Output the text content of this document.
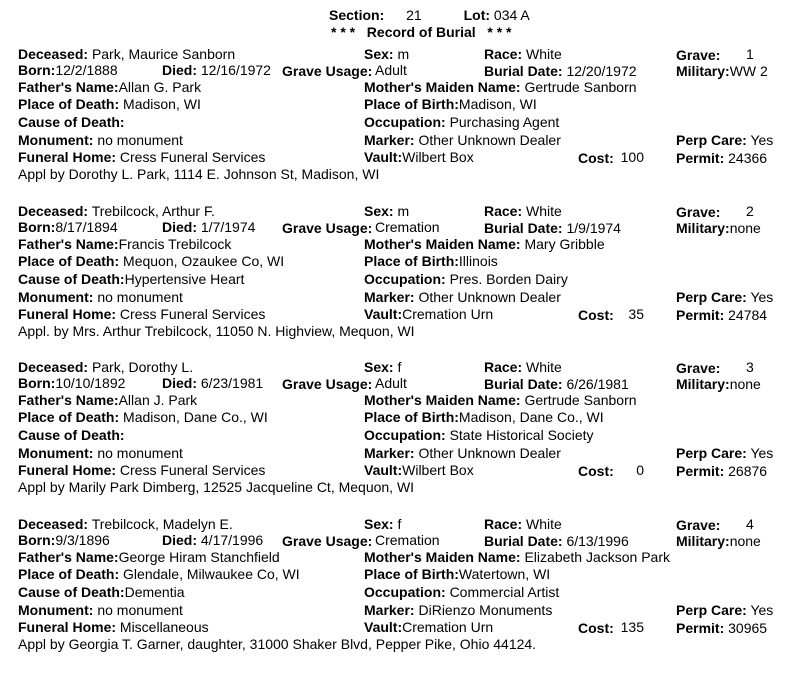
Section: 21	Lot: 034 A
* * *   Record of Burial   * * *
Deceased: Park, Maurice Sanborn	Sex: m	Race: White	Grave: 1
Born:12/2/1888	Died: 12/16/1972 Grave Usage: Adult	Burial Date: 12/20/1972	Military:WW 2
Father's Name:Allan G. Park	Mother's Maiden Name: Gertrude Sanborn
Place of Death: Madison, WI	Place of Birth:Madison, WI
Cause of Death:	Occupation: Purchasing Agent
Monument: no monument	Marker: Other Unknown Dealer	Perp Care: Yes
Funeral Home: Cress Funeral Services	Vault:Wilbert Box	Cost: 100 Permit: 24366
Appl by Dorothy L. Park, 1114 E. Johnson St, Madison, WI
Deceased: Trebilcock, Arthur F.	Sex: m	Race: White	Grave: 2
Born:8/17/1894	Died: 1/7/1974 Grave Usage: Cremation	Burial Date: 1/9/1974	Military:none
Father's Name:Francis Trebilcock	Mother's Maiden Name: Mary Gribble
Place of Death: Mequon, Ozaukee Co, WI	Place of Birth:Illinois
Cause of Death:Hypertensive Heart	Occupation: Pres. Borden Dairy
Monument: no monument	Marker: Other Unknown Dealer	Perp Care: Yes
Funeral Home: Cress Funeral Services	Vault:Cremation Urn	Cost:	35 Permit: 24784
Appl. by Mrs. Arthur Trebilcock, 11050 N. Highview, Mequon, WI
Deceased: Park, Dorothy L.	Sex: f	Race: White	Grave: 3
Born:10/10/1892	Died: 6/23/1981 Grave Usage: Adult	Burial Date: 6/26/1981	Military:none
Father's Name:Allan J. Park	Mother's Maiden Name: Gertrude Sanborn
Place of Death: Madison, Dane Co., WI	Place of Birth:Madison, Dane Co., WI
Cause of Death:	Occupation: State Historical Society
Monument: no monument	Marker: Other Unknown Dealer	Perp Care: Yes
Funeral Home: Cress Funeral Services	Vault:Wilbert Box	Cost:	0 Permit: 26876
Appl by Marily Park Dimberg, 12525 Jacqueline Ct, Mequon, WI
Deceased: Trebilcock, Madelyn E.	Sex: f	Race: White	Grave: 4
Born:9/3/1896	Died: 4/17/1996 Grave Usage: Cremation	Burial Date: 6/13/1996	Military:none
Father's Name:George Hiram Stanchfield	Mother's Maiden Name: Elizabeth Jackson Park
Place of Death: Glendale, Milwaukee Co, WI	Place of Birth:Watertown, WI
Cause of Death:Dementia	Occupation: Commercial Artist
Monument: no monument	Marker: DiRienzo Monuments	Perp Care: Yes
Funeral Home: Miscellaneous	Vault:Cremation Urn	Cost: 135 Permit: 30965
Appl by Georgia T. Garner, daughter, 31000 Shaker Blvd, Pepper Pike, Ohio 44124.
